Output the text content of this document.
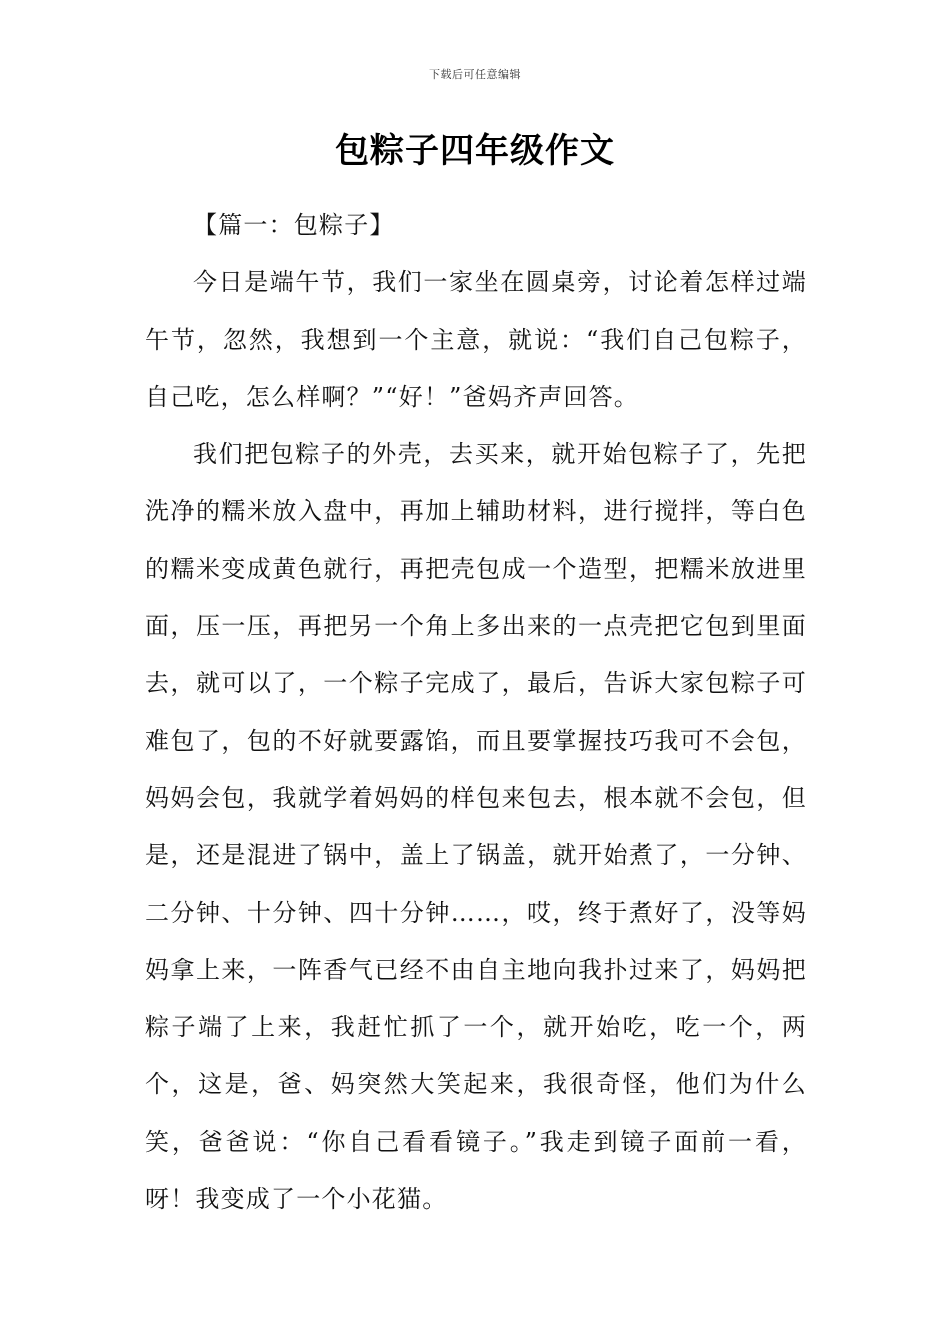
下载后可任意编辑
包粽子四年级作文

【篇一：包粽子】

今日是端午节，我们一家坐在圆桌旁，讨论着怎样过端午节，忽然，我想到一个主意，就说：“我们自己包粽子，自己吃，怎么样啊？”“好！”爸妈齐声回答。

我们把包粽子的外壳，去买来，就开始包粽子了，先把洗净的糯米放入盘中，再加上辅助材料，进行搅拌，等白色的糯米变成黄色就行，再把壳包成一个造型，把糯米放进里面，压一压，再把另一个角上多出来的一点壳把它包到里面去，就可以了，一个粽子完成了，最后，告诉大家包粽子可难包了，包的不好就要露馅，而且要掌握技巧我可不会包，妈妈会包，我就学着妈妈的样包来包去，根本就不会包，但是，还是混进了锅中，盖上了锅盖，就开始煮了，一分钟、二分钟、十分钟、四十分钟……，哎，终于煮好了，没等妈妈拿上来，一阵香气已经不由自主地向我扑过来了，妈妈把粽子端了上来，我赶忙抓了一个，就开始吃，吃一个，两个，这是，爸、妈突然大笑起来，我很奇怪，他们为什么笑，爸爸说：“你自己看看镜子。”我走到镜子面前一看，呀！我变成了一个小花猫。
